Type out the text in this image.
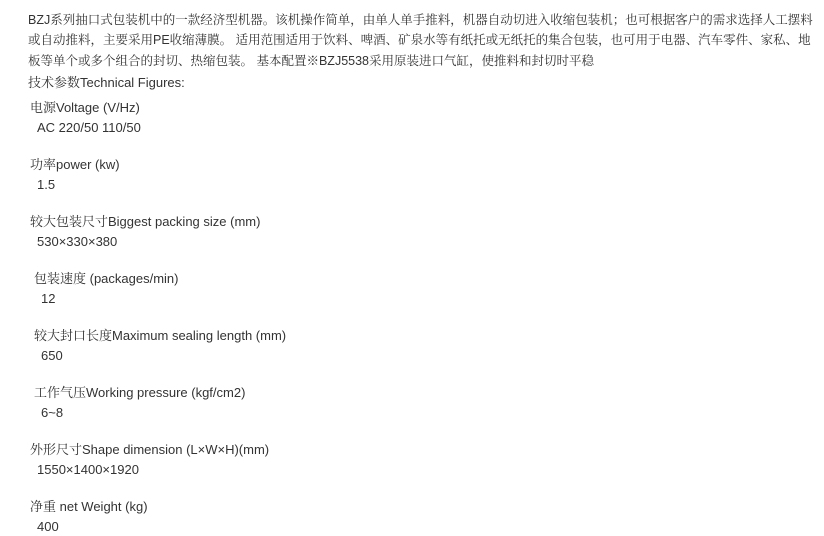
BZJ系列抽口式包装机中的一款经济型机器。该机操作简单，由单人单手推料，机器自动切进入收缩包装机；也可根据客户的需求选择人工摆料或自动推料，主要采用PE收缩薄膜。 适用范围适用于饮料、啤酒、矿泉水等有纸托或无纸托的集合包装，也可用于电器、汽车零件、家私、地板等单个或多个组合的封切、热缩包装。 基本配置※BZJ5538采用原装进口气缸，使推料和封切时平稳

技术参数Technical Figures:

电源Voltage (V/Hz)
AC 220/50 110/50
功率power (kw)
1.5
较大包装尺寸Biggest packing size (mm)
530×330×380
包装速度 (packages/min)
12
较大封口长度Maximum sealing length (mm)
650
工作气压Working pressure (kgf/cm2)
6~8
外形尺寸Shape dimension (L×W×H)(mm)
1550×1400×1920
净重 net Weight (kg)
400
